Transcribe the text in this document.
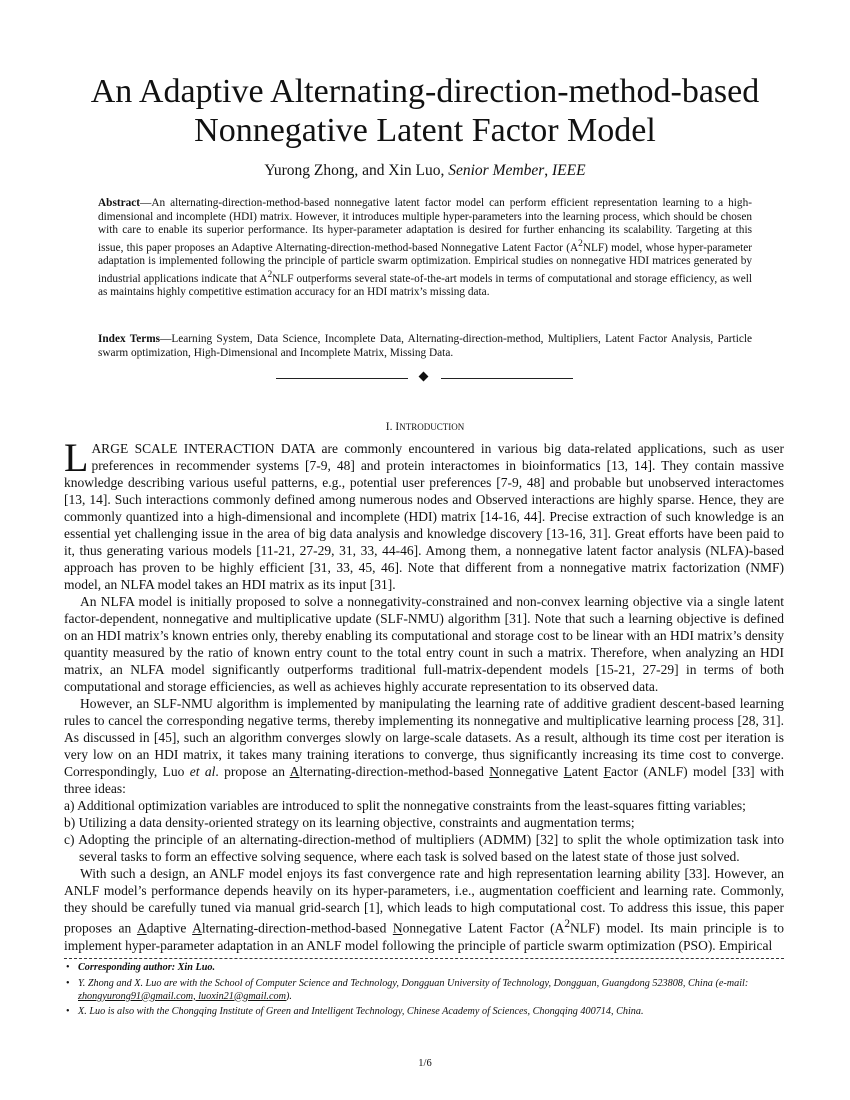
An Adaptive Alternating-direction-method-based
Nonnegative Latent Factor Model
Yurong Zhong, and Xin Luo, Senior Member, IEEE

Abstract—An alternating-direction-method-based nonnegative latent factor model can perform efficient representation learning to a high-dimensional and incomplete (HDI) matrix. However, it introduces multiple hyper-parameters into the learning process, which should be chosen with care to enable its superior performance. Its hyper-parameter adaptation is desired for further enhancing its scalability. Targeting at this issue, this paper proposes an Adaptive Alternating-direction-method-based Nonnegative Latent Factor $(A^2NLF)$ model, whose hyper-parameter adaptation is implemented following the principle of particle swarm optimization. Empirical studies on nonnegative HDI matrices generated by industrial applications indicate that $A^2NLF$ outperforms several state-of-the-art models in terms of computational and storage efficiency, as well as maintains highly competitive estimation accuracy for an HDI matrix’s missing data.

Index Terms—Learning System, Data Science, Incomplete Data, Alternating-direction-method, Multipliers, Latent Factor Analysis, Particle swarm optimization, High-Dimensional and Incomplete Matrix, Missing Data.

I. INTRODUCTION

LARGE SCALE INTERACTION DATA are commonly encountered in various big data-related applications, such as user preferences in recommender systems [7-9, 48] and protein interactomes in bioinformatics [13, 14]. They contain massive knowledge describing various useful patterns, e.g., potential user preferences [7-9, 48] and probable but unobserved interactomes [13, 14]. Such interactions commonly defined among numerous nodes and Observed interactions are highly sparse. Hence, they are commonly quantized into a high-dimensional and incomplete (HDI) matrix [14-16, 44]. Precise extraction of such knowledge is an essential yet challenging issue in the area of big data analysis and knowledge discovery [13-16, 31]. Great efforts have been paid to it, thus generating various models [11-21, 27-29, 31, 33, 44-46]. Among them, a nonnegative latent factor analysis (NLFA)-based approach has proven to be highly efficient [31, 33, 45, 46]. Note that different from a nonnegative matrix factorization (NMF) model, an NLFA model takes an HDI matrix as its input [31].

An NLFA model is initially proposed to solve a nonnegativity-constrained and non-convex learning objective via a single latent factor-dependent, nonnegative and multiplicative update (SLF-NMU) algorithm [31]. Note that such a learning objective is defined on an HDI matrix’s known entries only, thereby enabling its computational and storage cost to be linear with an HDI matrix’s density quantity measured by the ratio of known entry count to the total entry count in such a matrix. Therefore, when analyzing an HDI matrix, an NLFA model significantly outperforms traditional full-matrix-dependent models [15-21, 27-29] in terms of both computational and storage efficiencies, as well as achieves highly accurate representation to its observed data.

However, an SLF-NMU algorithm is implemented by manipulating the learning rate of additive gradient descent-based learning rules to cancel the corresponding negative terms, thereby implementing its nonnegative and multiplicative learning process [28, 31]. As discussed in [45], such an algorithm converges slowly on large-scale datasets. As a result, although its time cost per iteration is very low on an HDI matrix, it takes many training iterations to converge, thus significantly increasing its time cost to converge. Correspondingly, Luo et al. propose an Alternating-direction-method-based Nonnegative Latent Factor (ANLF) model [33] with three ideas:

a) Additional optimization variables are introduced to split the nonnegative constraints from the least-squares fitting variables;

b) Utilizing a data density-oriented strategy on its learning objective, constraints and augmentation terms;

c) Adopting the principle of an alternating-direction-method of multipliers (ADMM) [32] to split the whole optimization task into several tasks to form an effective solving sequence, where each task is solved based on the latest state of those just solved.

With such a design, an ANLF model enjoys its fast convergence rate and high representation learning ability [33]. However, an ANLF model’s performance depends heavily on its hyper-parameters, i.e., augmentation coefficient and learning rate. Commonly, they should be carefully tuned via manual grid-search [1], which leads to high computational cost. To address this issue, this paper proposes an Adaptive Alternating-direction-method-based Nonnegative Latent Factor $(A^2NLF)$ model. Its main principle is to implement hyper-parameter adaptation in an ANLF model following the principle of particle swarm optimization (PSO). Empirical

• Corresponding author: Xin Luo.
• Y. Zhong and X. Luo are with the School of Computer Science and Technology, Dongguan University of Technology, Dongguan, Guangdong 523808, China (e-mail: zhongyurong91@gmail.com, luoxin21@gmail.com).
• X. Luo is also with the Chongqing Institute of Green and Intelligent Technology, Chinese Academy of Sciences, Chongqing 400714, China.
1/6
